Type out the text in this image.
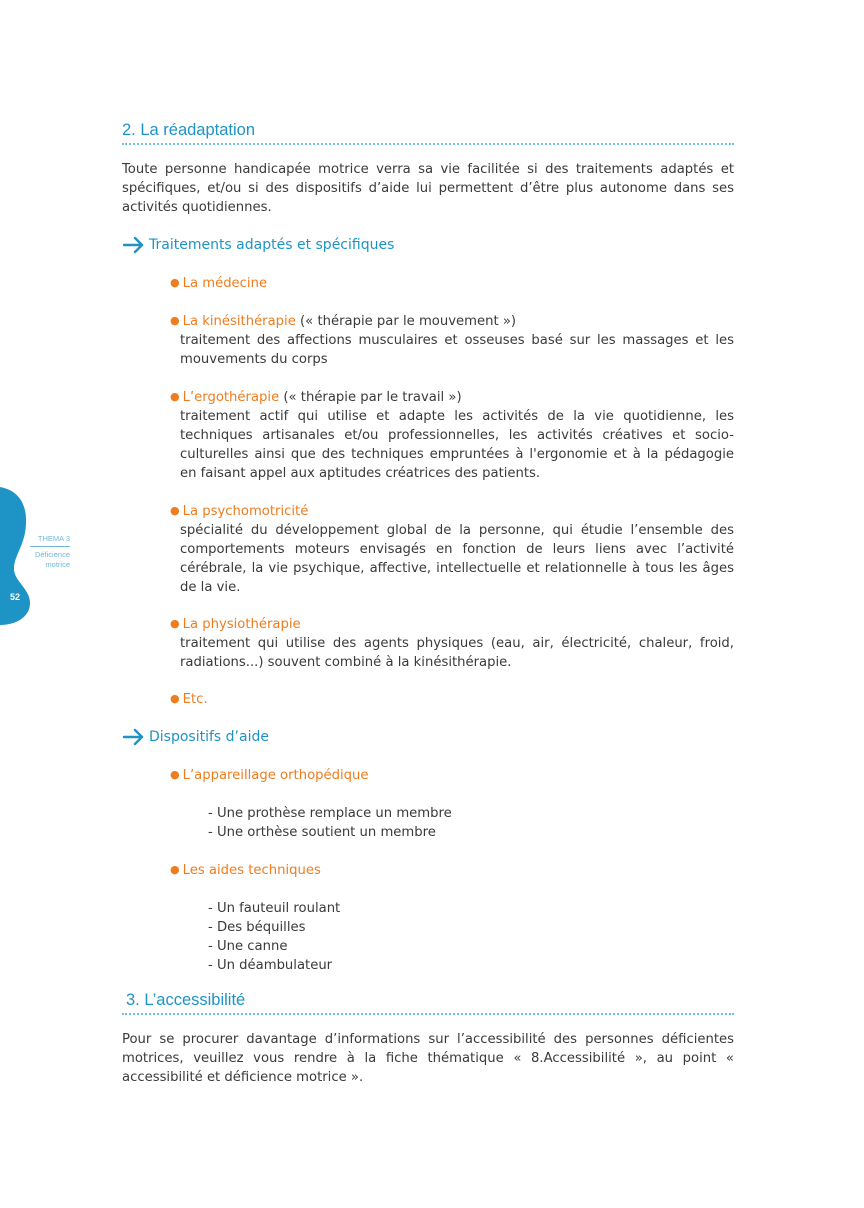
2. La réadaptation
Toute personne handicapée motrice verra sa vie facilitée si des traitements adaptés et spécifiques, et/ou si des dispositifs d’aide lui permettent d’être plus autonome dans ses activités quotidiennes.
Traitements adaptés et spécifiques
● La médecine
● La kinésithérapie (« thérapie par le mouvement »)
traitement des affections musculaires et osseuses basé sur les massages et les mouvements du corps
● L’ergothérapie (« thérapie par le travail »)
traitement actif qui utilise et adapte les activités de la vie quotidienne, les techniques artisanales et/ou professionnelles, les activités créatives et socio-culturelles ainsi que des techniques empruntées à l'ergonomie et à la pédagogie en faisant appel aux aptitudes créatrices des patients.
● La psychomotricité
spécialité du développement global de la personne, qui étudie l’ensemble des comportements moteurs envisagés en fonction de leurs liens avec l’activité cérébrale, la vie psychique, affective, intellectuelle et relationnelle à tous les âges de la vie.
● La physiothérapie
traitement qui utilise des agents physiques (eau, air, électricité, chaleur, froid, radiations...) souvent combiné à la kinésithérapie.
● Etc.
Dispositifs d’aide
● L’appareillage orthopédique
- Une prothèse remplace un membre
- Une orthèse soutient un membre
● Les aides techniques
- Un fauteuil roulant
- Des béquilles
- Une canne
- Un déambulateur
3. L’accessibilité
Pour se procurer davantage d’informations sur l’accessibilité des personnes déficientes motrices, veuillez vous rendre à la fiche thématique « 8.Accessibilité », au point « accessibilité et déficience motrice ».
THEMA 3
Déficience
motrice
52
